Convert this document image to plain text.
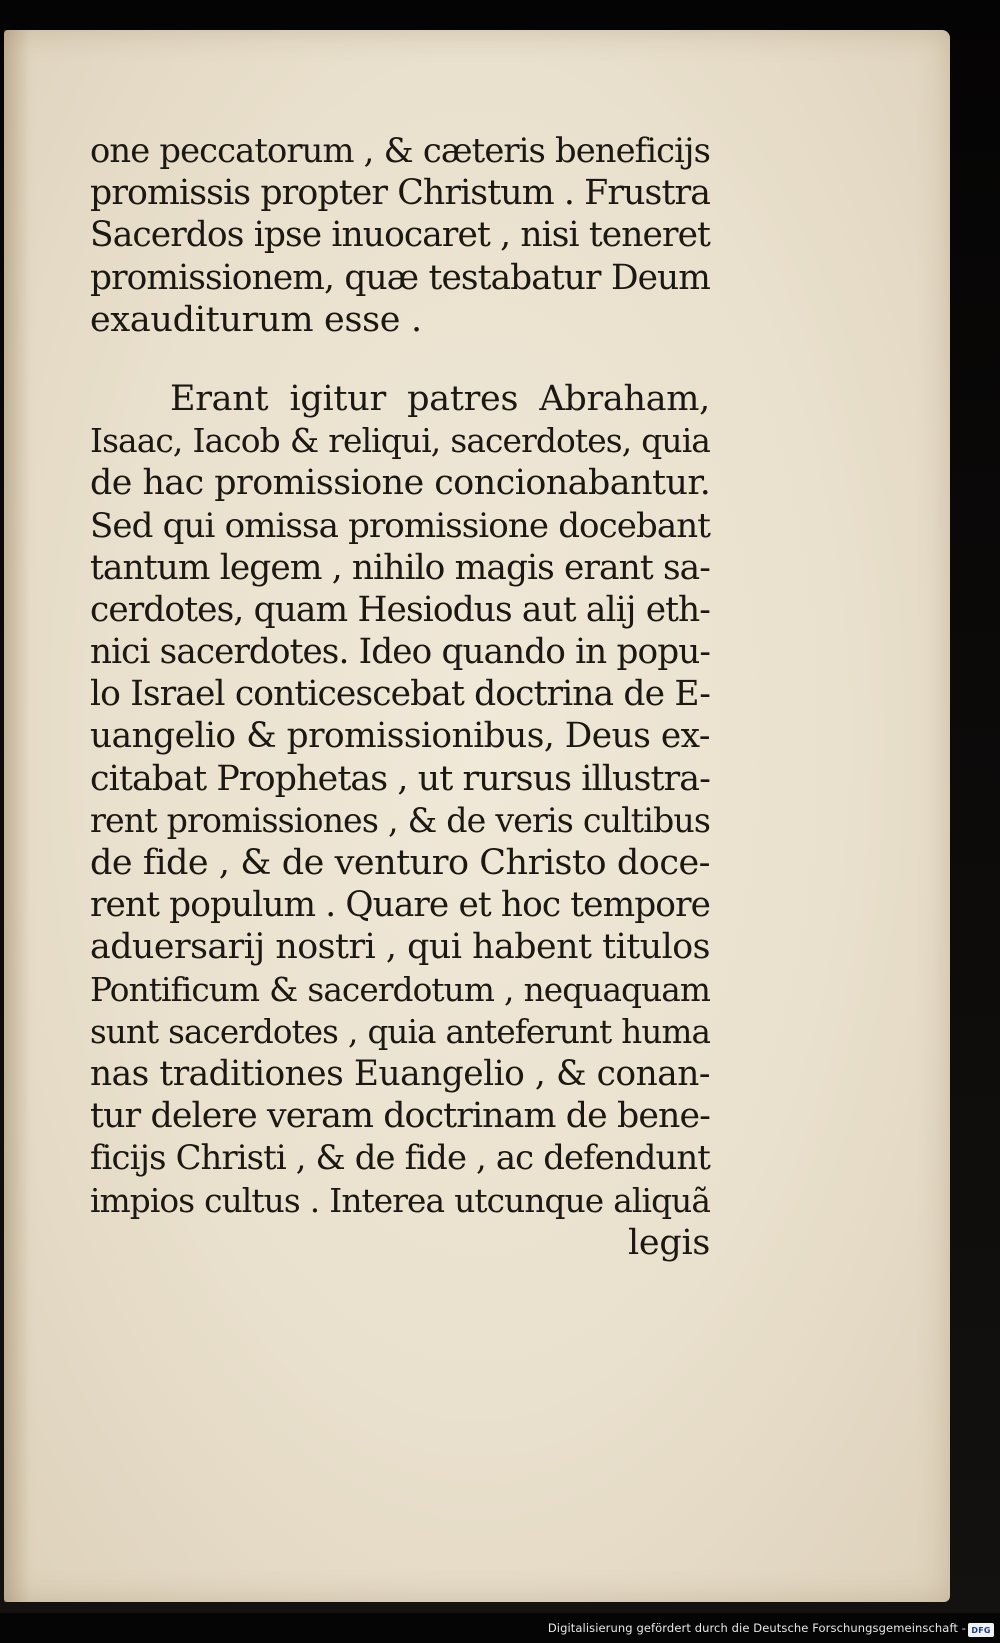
one peccatorum , & cæteris beneficijs
promissis propter Christum . Frustra
Sacerdos ipse inuocaret , nisi teneret
promissionem, quæ testabatur Deum
exauditurum esse .
Erant igitur patres Abraham,
Isaac, Iacob & reliqui, sacerdotes, quia
de hac promissione concionabantur.
Sed qui omissa promissione docebant
tantum legem , nihilo magis erant sa-
cerdotes, quam Hesiodus aut alij eth-
nici sacerdotes. Ideo quando in popu-
lo Israel conticescebat doctrina de E-
uangelio & promissionibus, Deus ex-
citabat Prophetas , ut rursus illustra-
rent promissiones , & de veris cultibus
de fide , & de venturo Christo doce-
rent populum . Quare et hoc tempore
aduersarij nostri , qui habent titulos
Pontificum & sacerdotum , nequaquam
sunt sacerdotes , quia anteferunt huma
nas traditiones Euangelio , & conan-
tur delere veram doctrinam de bene-
ficijs Christi , & de fide , ac defendunt
impios cultus . Interea utcunque aliquã
legis
Digitalisierung gefördert durch die Deutsche Forschungsgemeinschaft - DFG
